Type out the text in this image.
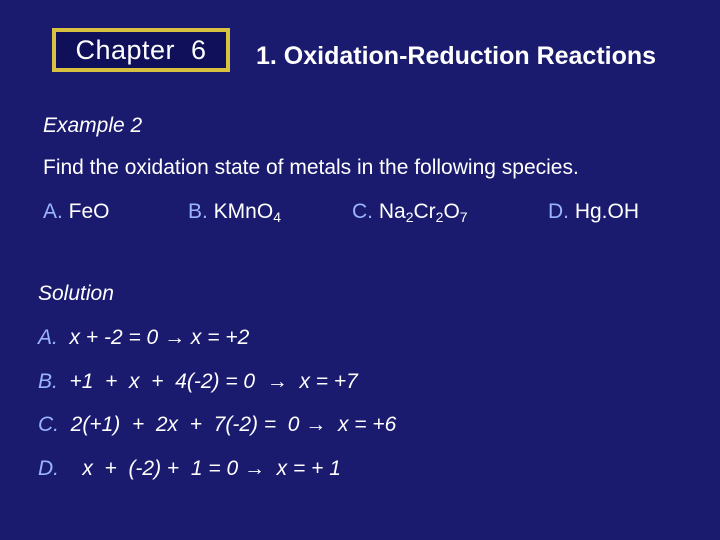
Chapter  6 1. Oxidation-Reduction Reactions
Example 2
Find the oxidation state of metals in the following species.
A. FeO	B. KMnO$_4$	C. $Na_2Cr_2O_7$	D. Hg.OH
Solution
A.  x + -2 = 0 → x = +2
B.  +1  +  x  +  4(-2) = 0  →  x = +7
C.  2(+1)  +  2x  +  7(-2) =  0 →  x = +6
D.    x  +  (-2) +  1 = 0 →  x = + 1
